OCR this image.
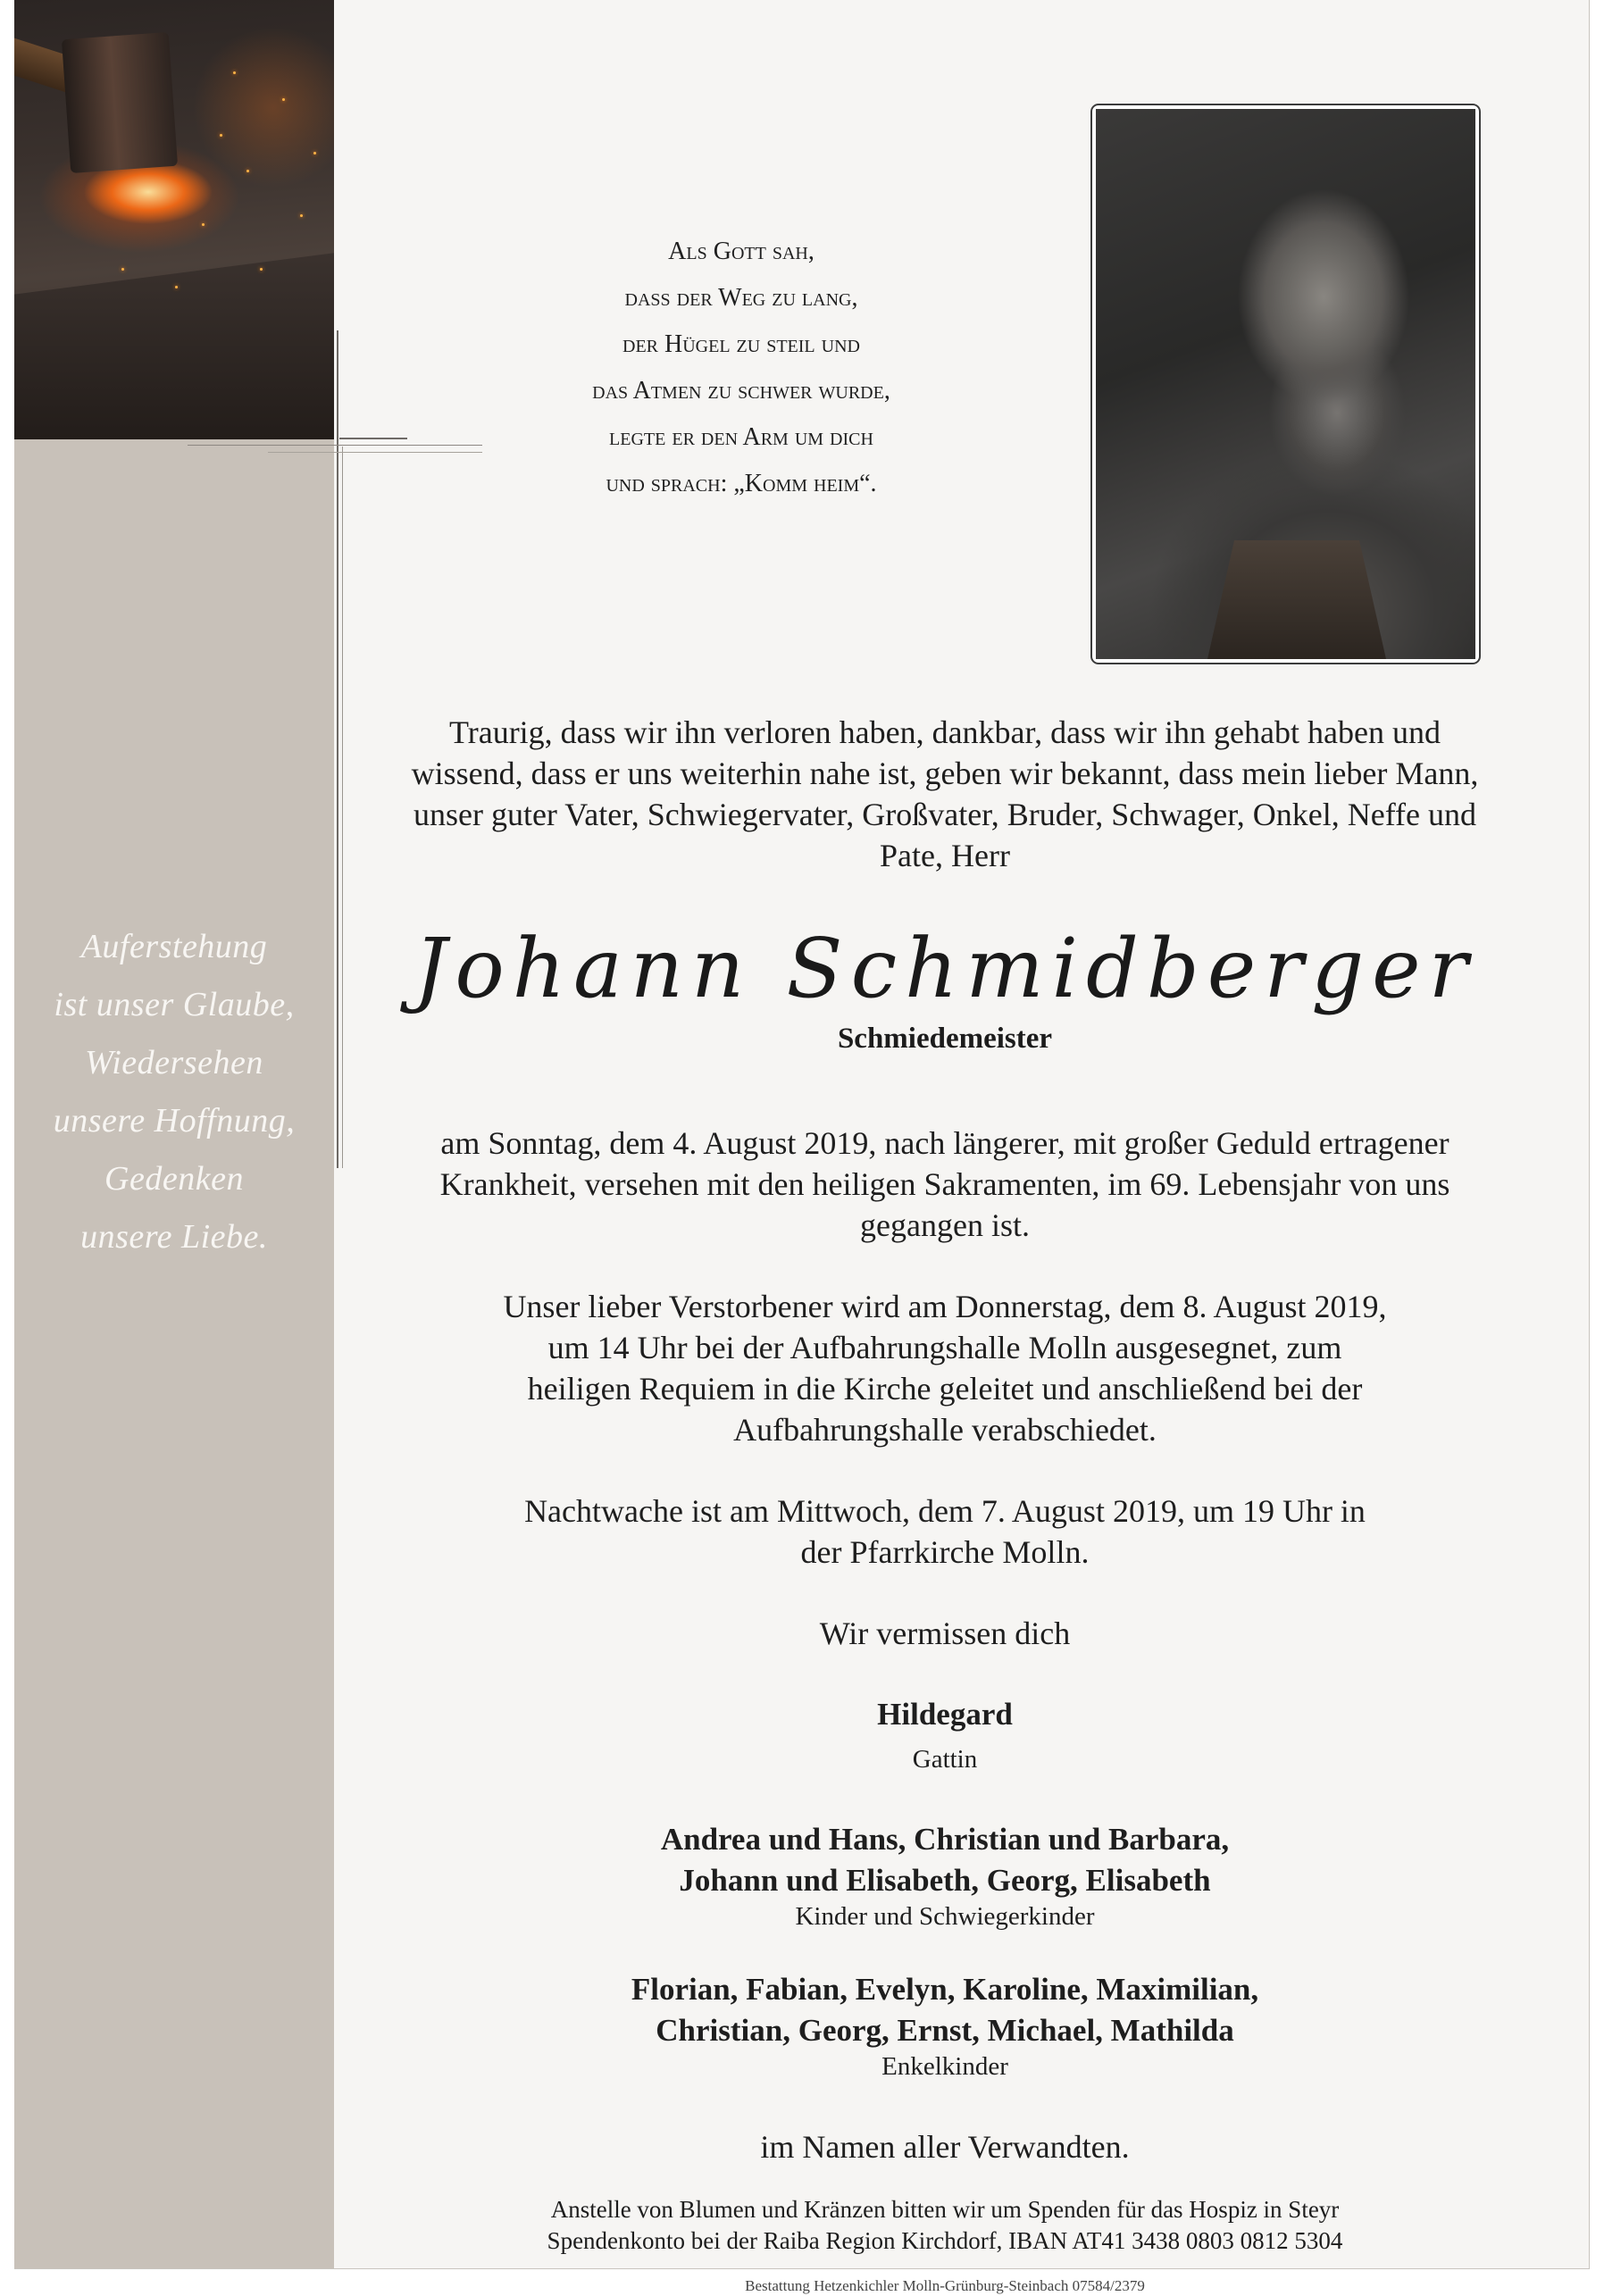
Auferstehung
ist unser Glaube,
Wiedersehen
unsere Hoffnung,
Gedenken
unsere Liebe.
Als Gott sah,
dass der Weg zu lang,
der Hügel zu steil und
das Atmen zu schwer wurde,
legte er den Arm um dich
und sprach: „Komm heim“.
Traurig, dass wir ihn verloren haben, dankbar, dass wir ihn gehabt haben und
wissend, dass er uns weiterhin nahe ist, geben wir bekannt, dass mein lieber Mann,
unser guter Vater, Schwiegervater, Großvater, Bruder, Schwager, Onkel, Neffe und
Pate, Herr
Johann Schmidberger
Schmiedemeister
am Sonntag, dem 4. August 2019, nach längerer, mit großer Geduld ertragener
Krankheit, versehen mit den heiligen Sakramenten, im 69. Lebensjahr von uns
gegangen ist.
Unser lieber Verstorbener wird am Donnerstag, dem 8. August 2019,
um 14 Uhr bei der Aufbahrungshalle Molln ausgesegnet, zum
heiligen Requiem in die Kirche geleitet und anschließend bei der
Aufbahrungshalle verabschiedet.
Nachtwache ist am Mittwoch, dem 7. August 2019, um 19 Uhr in
der Pfarrkirche Molln.
Wir vermissen dich
Hildegard
Gattin
Andrea und Hans, Christian und Barbara,
Johann und Elisabeth, Georg, Elisabeth
Kinder und Schwiegerkinder
Florian, Fabian, Evelyn, Karoline, Maximilian,
Christian, Georg, Ernst, Michael, Mathilda
Enkelkinder
im Namen aller Verwandten.
Anstelle von Blumen und Kränzen bitten wir um Spenden für das Hospiz in Steyr
Spendenkonto bei der Raiba Region Kirchdorf, IBAN AT41 3438 0803 0812 5304
Bestattung Hetzenkichler Molln-Grünburg-Steinbach 07584/2379
